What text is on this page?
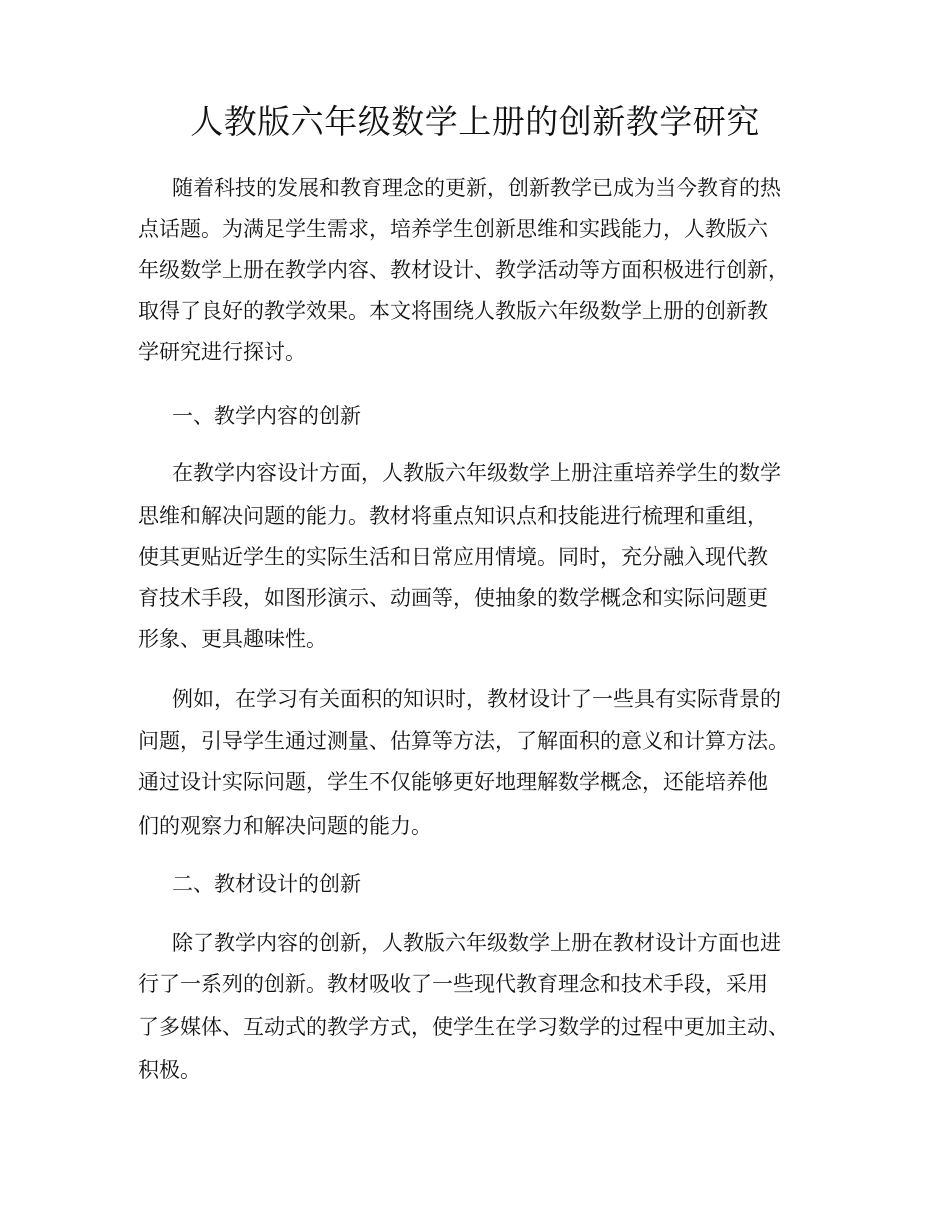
人教版六年级数学上册的创新教学研究
随着科技的发展和教育理念的更新，创新教学已成为当今教育的热
点话题。为满足学生需求，培养学生创新思维和实践能力，人教版六
年级数学上册在教学内容、教材设计、教学活动等方面积极进行创新，
取得了良好的教学效果。本文将围绕人教版六年级数学上册的创新教
学研究进行探讨。
一、教学内容的创新
在教学内容设计方面，人教版六年级数学上册注重培养学生的数学
思维和解决问题的能力。教材将重点知识点和技能进行梳理和重组，
使其更贴近学生的实际生活和日常应用情境。同时，充分融入现代教
育技术手段，如图形演示、动画等，使抽象的数学概念和实际问题更
形象、更具趣味性。
例如，在学习有关面积的知识时，教材设计了一些具有实际背景的
问题，引导学生通过测量、估算等方法，了解面积的意义和计算方法。
通过设计实际问题，学生不仅能够更好地理解数学概念，还能培养他
们的观察力和解决问题的能力。
二、教材设计的创新
除了教学内容的创新，人教版六年级数学上册在教材设计方面也进
行了一系列的创新。教材吸收了一些现代教育理念和技术手段，采用
了多媒体、互动式的教学方式，使学生在学习数学的过程中更加主动、
积极。
